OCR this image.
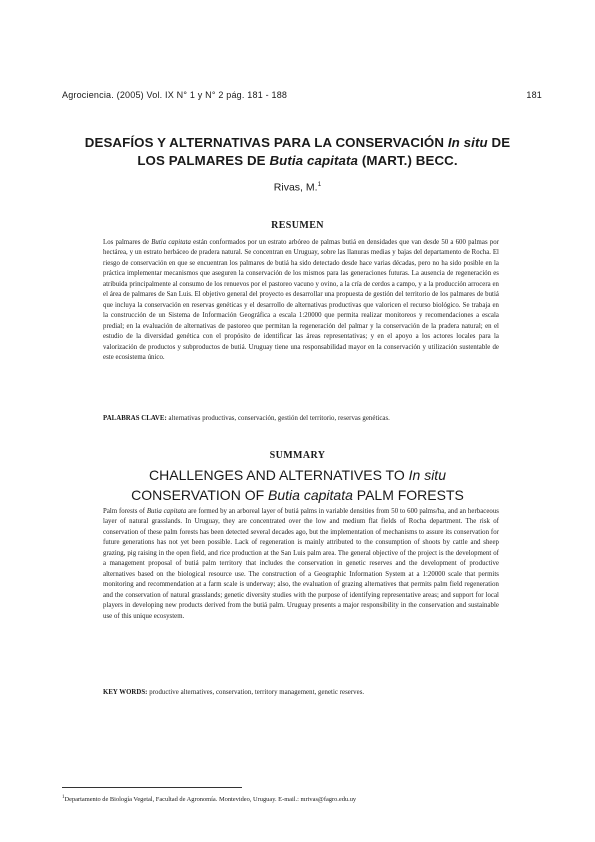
Agrociencia. (2005) Vol. IX N° 1 y N° 2 pág. 181 - 188	181
DESAFÍOS Y ALTERNATIVAS PARA LA CONSERVACIÓN In situ DE
LOS PALMARES DE Butia capitata (MART.) BECC.
Rivas, M.$^1$
RESUMEN

Los palmares de Butia capitata están conformados por un estrato arbóreo de palmas butiá en densidades que van desde 50 a 600 palmas por hectárea, y un estrato herbáceo de pradera natural. Se concentran en Uruguay, sobre las llanuras medias y bajas del departamento de Rocha. El riesgo de conservación en que se encuentran los palmares de butiá ha sido detectado desde hace varias décadas, pero no ha sido posible en la práctica implementar mecanismos que aseguren la conservación de los mismos para las generaciones futuras. La ausencia de regeneración es atribuida principalmente al consumo de los renuevos por el pastoreo vacuno y ovino, a la cría de cerdos a campo, y a la producción arrocera en el área de palmares de San Luis. El objetivo general del proyecto es desarrollar una propuesta de gestión del territorio de los palmares de butiá que incluya la conservación en reservas genéticas y el desarrollo de alternativas productivas que valoricen el recurso biológico. Se trabaja en la construcción de un Sistema de Información Geográfica a escala 1:20000 que permita realizar monitoreos y recomendaciones a escala predial; en la evaluación de alternativas de pastoreo que permitan la regeneración del palmar y la conservación de la pradera natural; en el estudio de la diversidad genética con el propósito de identificar las áreas representativas; y en el apoyo a los actores locales para la valorización de productos y subproductos de butiá. Uruguay tiene una responsabilidad mayor en la conservación y utilización sustentable de este ecosistema único.

PALABRAS CLAVE: alternativas productivas, conservación, gestión del territorio, reservas genéticas.

SUMMARY
CHALLENGES AND ALTERNATIVES TO In situ
CONSERVATION OF Butia capitata PALM FORESTS

Palm forests of Butia capitata are formed by an arboreal layer of butiá palms in variable densities from 50 to 600 palms/ha, and an herbaceous layer of natural grasslands. In Uruguay, they are concentrated over the low and medium flat fields of Rocha department. The risk of conservation of these palm forests has been detected several decades ago, but the implementation of mechanisms to assure its conservation for future generations has not yet been possible. Lack of regeneration is mainly attributed to the consumption of shoots by cattle and sheep grazing, pig raising in the open field, and rice production at the San Luis palm area. The general objective of the project is the development of a management proposal of butiá palm territory that includes the conservation in genetic reserves and the development of productive alternatives based on the biological resource use. The construction of a Geographic Information System at a 1:20000 scale that permits monitoring and recommendation at a farm scale is underway; also, the evaluation of grazing alternatives that permits palm field regeneration and the conservation of natural grasslands; genetic diversity studies with the purpose of identifying representative areas; and support for local players in developing new products derived from the butiá palm. Uruguay presents a major responsibility in the conservation and sustainable use of this unique ecosystem.

KEY WORDS: productive alternatives, conservation, territory management, genetic reserves.

$^1$Departamento de Biología Vegetal, Facultad de Agronomía. Montevideo, Uruguay. E-mail.: mrivas@fagro.edu.uy
